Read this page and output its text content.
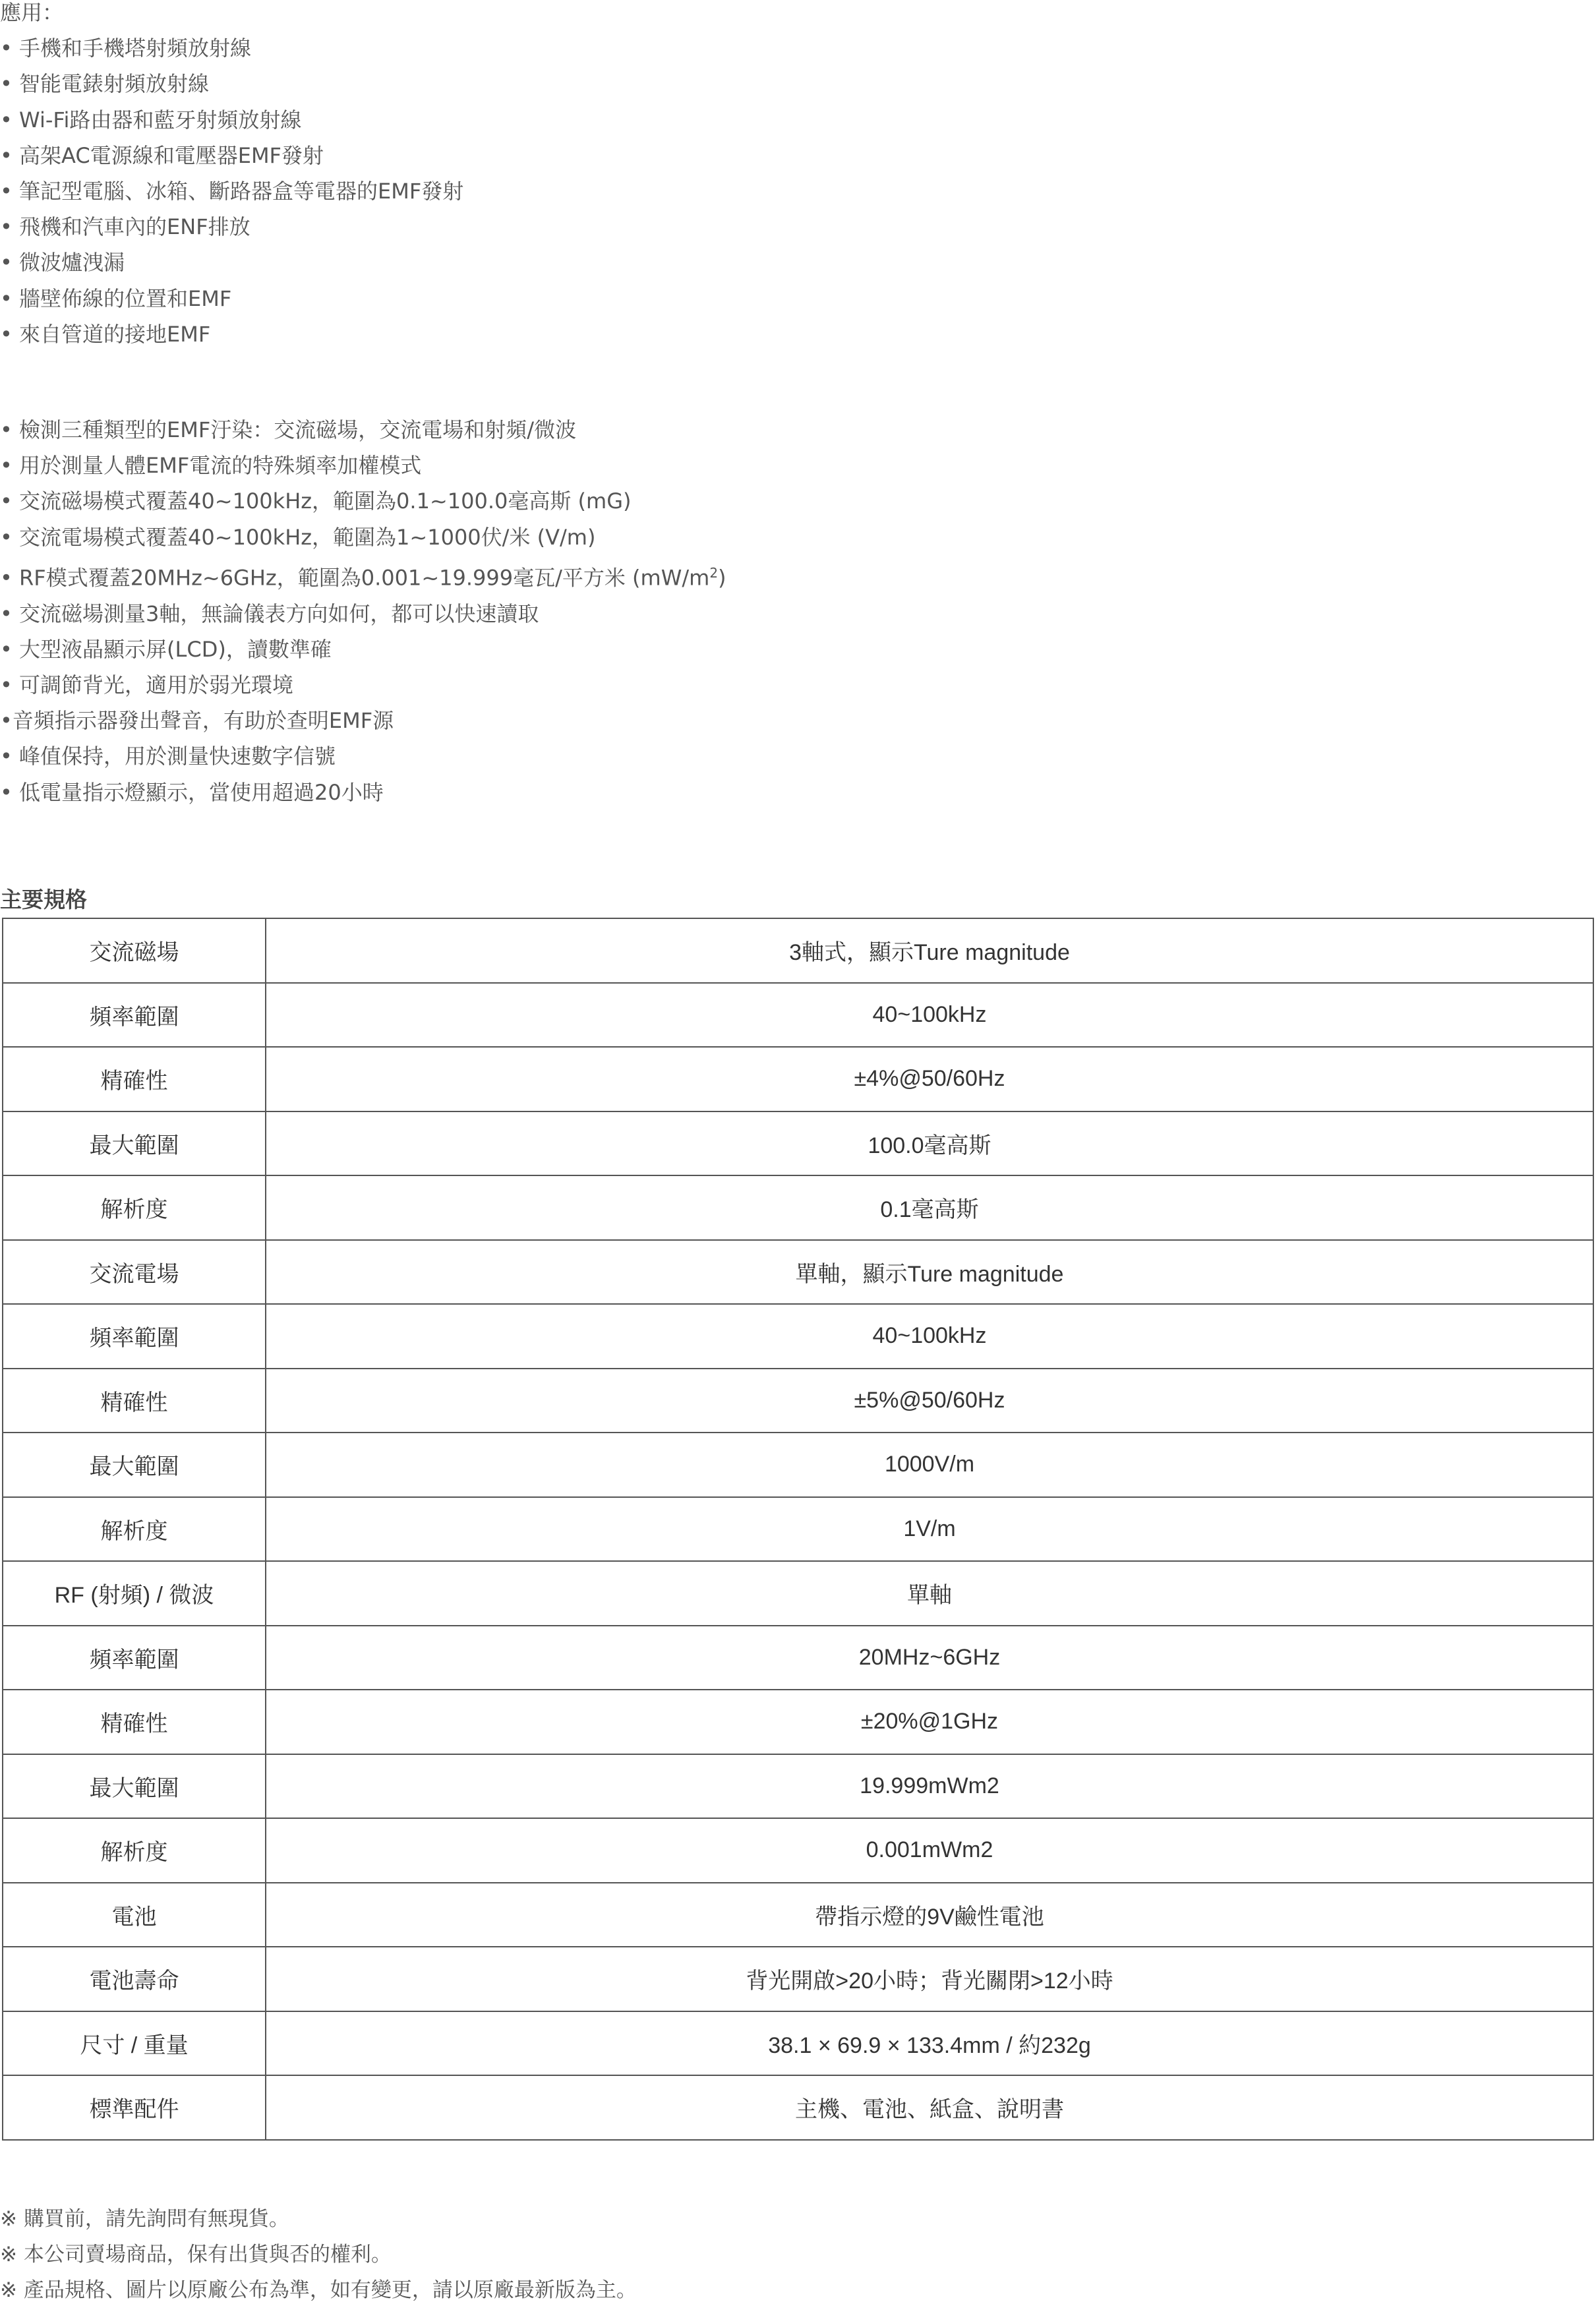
應用：
• 手機和手機塔射頻放射線
• 智能電錶射頻放射線
• Wi-Fi路由器和藍牙射頻放射線
• 高架AC電源線和電壓器EMF發射
• 筆記型電腦、冰箱、斷路器盒等電器的EMF發射
• 飛機和汽車內的ENF排放
• 微波爐洩漏
• 牆壁佈線的位置和EMF
• 來自管道的接地EMF
• 檢測三種類型的EMF汙染：交流磁場，交流電場和射頻/微波
• 用於測量人體EMF電流的特殊頻率加權模式
• 交流磁場模式覆蓋40~100kHz，範圍為0.1~100.0毫高斯 (mG)
• 交流電場模式覆蓋40~100kHz，範圍為1~1000伏/米 (V/m)
• RF模式覆蓋20MHz~6GHz，範圍為0.001~19.999毫瓦/平方米 $(mW/m^2)$
• 交流磁場測量3軸，無論儀表方向如何，都可以快速讀取
• 大型液晶顯示屏(LCD)，讀數準確
• 可調節背光，適用於弱光環境
•音頻指示器發出聲音，有助於查明EMF源
• 峰值保持，用於測量快速數字信號
• 低電量指示燈顯示，當使用超過20小時
主要規格
交流磁場	3軸式，顯示Ture magnitude
頻率範圍	40~100kHz
精確性	±4%@50/60Hz
最大範圍	100.0毫高斯
解析度	0.1毫高斯
交流電場	單軸，顯示Ture magnitude
頻率範圍	40~100kHz
精確性	±5%@50/60Hz
最大範圍	1000V/m
解析度	1V/m
RF (射頻) / 微波	單軸
頻率範圍	20MHz~6GHz
精確性	±20%@1GHz
最大範圍	19.999mWm2
解析度	0.001mWm2
電池	帶指示燈的9V鹼性電池
電池壽命	背光開啟>20小時；背光關閉>12小時
尺寸 / 重量	38.1 × 69.9 × 133.4mm / 約232g
標準配件	主機、電池、紙盒、說明書
※ 購買前，請先詢問有無現貨。
※ 本公司賣場商品，保有出貨與否的權利。
※ 產品規格、圖片以原廠公布為準，如有變更，請以原廠最新版為主。
